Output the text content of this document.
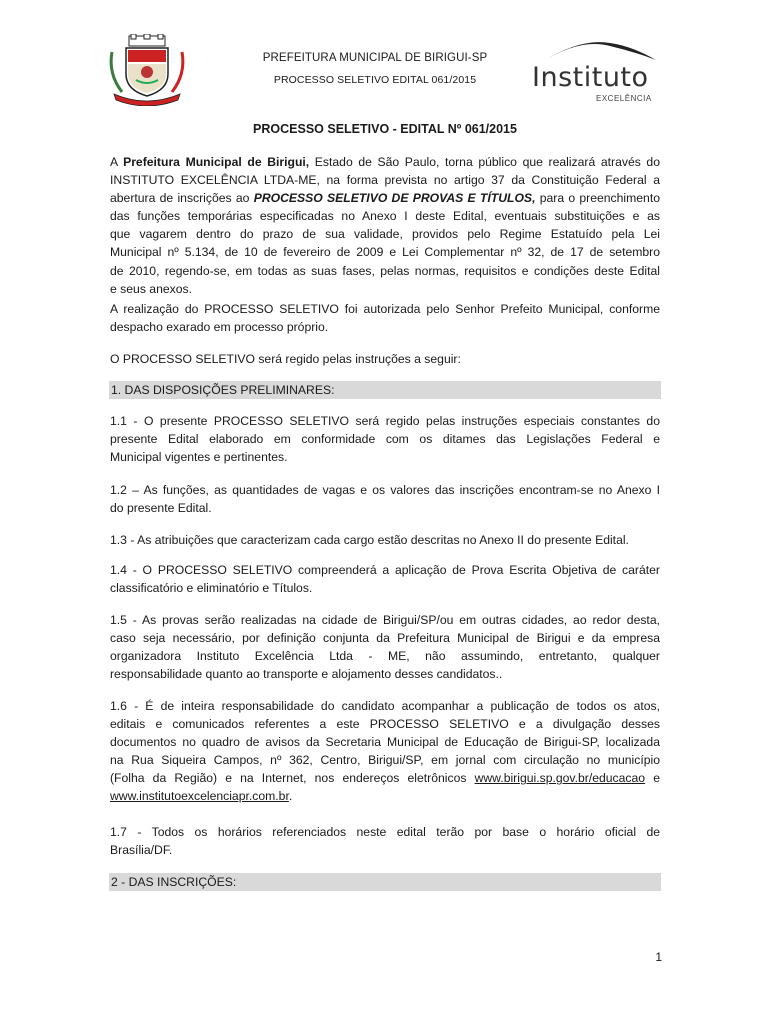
PREFEITURA MUNICIPAL DE BIRIGUI-SP
PROCESSO SELETIVO EDITAL 061/2015	Instituto
EXCELÊNCIA
PROCESSO SELETIVO - EDITAL Nº 061/2015
A Prefeitura Municipal de Birigui, Estado de São Paulo, torna público que realizará através do
INSTITUTO EXCELÊNCIA LTDA-ME, na forma prevista no artigo 37 da Constituição Federal a
abertura de inscrições ao PROCESSO SELETIVO DE PROVAS E TÍTULOS, para o preenchimento
das funções temporárias especificadas no Anexo I deste Edital, eventuais substituições e as
que vagarem dentro do prazo de sua validade, providos pelo Regime Estatuído pela Lei
Municipal nº 5.134, de 10 de fevereiro de 2009 e Lei Complementar nº 32, de 17 de setembro
de 2010, regendo-se, em todas as suas fases, pelas normas, requisitos e condições deste Edital
e seus anexos.
A realização do PROCESSO SELETIVO foi autorizada pelo Senhor Prefeito Municipal, conforme
despacho exarado em processo próprio.
O PROCESSO SELETIVO será regido pelas instruções a seguir:
1. DAS DISPOSIÇÕES PRELIMINARES:
1.1 - O presente PROCESSO SELETIVO será regido pelas instruções especiais constantes do
presente Edital elaborado em conformidade com os ditames das Legislações Federal e
Municipal vigentes e pertinentes.
1.2 – As funções, as quantidades de vagas e os valores das inscrições encontram-se no Anexo I
do presente Edital.
1.3 - As atribuições que caracterizam cada cargo estão descritas no Anexo II do presente Edital.
1.4 - O PROCESSO SELETIVO compreenderá a aplicação de Prova Escrita Objetiva de caráter
classificatório e eliminatório e Títulos.
1.5 - As provas serão realizadas na cidade de Birigui/SP/ou em outras cidades, ao redor desta,
caso seja necessário, por definição conjunta da Prefeitura Municipal de Birigui e da empresa
organizadora Instituto Excelência Ltda - ME, não assumindo, entretanto, qualquer
responsabilidade quanto ao transporte e alojamento desses candidatos..
1.6 - É de inteira responsabilidade do candidato acompanhar a publicação de todos os atos,
editais e comunicados referentes a este PROCESSO SELETIVO e a divulgação desses
documentos no quadro de avisos da Secretaria Municipal de Educação de Birigui-SP, localizada
na Rua Siqueira Campos, nº 362, Centro, Birigui/SP, em jornal com circulação no município
(Folha da Região) e na Internet, nos endereços eletrônicos www.birigui.sp.gov.br/educacao e
www.institutoexcelenciapr.com.br.
1.7 - Todos os horários referenciados neste edital terão por base o horário oficial de
Brasília/DF.
2 - DAS INSCRIÇÕES:
1
